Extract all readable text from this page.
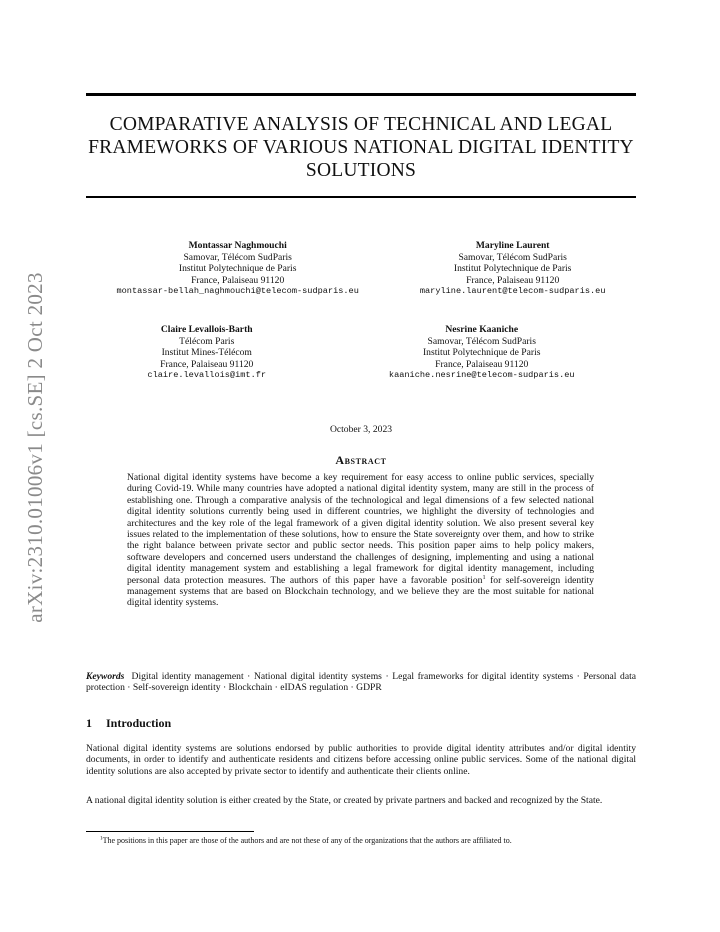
arXiv:2310.01006v1 [cs.SE] 2 Oct 2023
COMPARATIVE ANALYSIS OF TECHNICAL AND LEGAL FRAMEWORKS OF VARIOUS NATIONAL DIGITAL IDENTITY SOLUTIONS
Montassar Naghmouchi
Samovar, Télécom SudParis
Institut Polytechnique de Paris
France, Palaiseau 91120
montassar-bellah_naghmouchi@telecom-sudparis.eu
Maryline Laurent
Samovar, Télécom SudParis
Institut Polytechnique de Paris
France, Palaiseau 91120
maryline.laurent@telecom-sudparis.eu
Claire Levallois-Barth
Télécom Paris
Institut Mines-Télécom
France, Palaiseau 91120
claire.levallois@imt.fr
Nesrine Kaaniche
Samovar, Télécom SudParis
Institut Polytechnique de Paris
France, Palaiseau 91120
kaaniche.nesrine@telecom-sudparis.eu
October 3, 2023
Abstract

National digital identity systems have become a key requirement for easy access to online public services, specially during Covid-19. While many countries have adopted a national digital identity system, many are still in the process of establishing one. Through a comparative analysis of the technological and legal dimensions of a few selected national digital identity solutions currently being used in different countries, we highlight the diversity of technologies and architectures and the key role of the legal framework of a given digital identity solution. We also present several key issues related to the implementation of these solutions, how to ensure the State sovereignty over them, and how to strike the right balance between private sector and public sector needs. This position paper aims to help policy makers, software developers and concerned users understand the challenges of designing, implementing and using a national digital identity management system and establishing a legal framework for digital identity management, including personal data protection measures. The authors of this paper have a favorable position$^1$ for self-sovereign identity management systems that are based on Blockchain technology, and we believe they are the most suitable for national digital identity systems.

Keywords Digital identity management · National digital identity systems · Legal frameworks for digital identity systems · Personal data protection · Self-sovereign identity · Blockchain · eIDAS regulation · GDPR

1 Introduction

National digital identity systems are solutions endorsed by public authorities to provide digital identity attributes and/or digital identity documents, in order to identify and authenticate residents and citizens before accessing online public services. Some of the national digital identity solutions are also accepted by private sector to identify and authenticate their clients online.

A national digital identity solution is either created by the State, or created by private partners and backed and recognized by the State.

$^1$The positions in this paper are those of the authors and are not these of any of the organizations that the authors are affiliated to.
